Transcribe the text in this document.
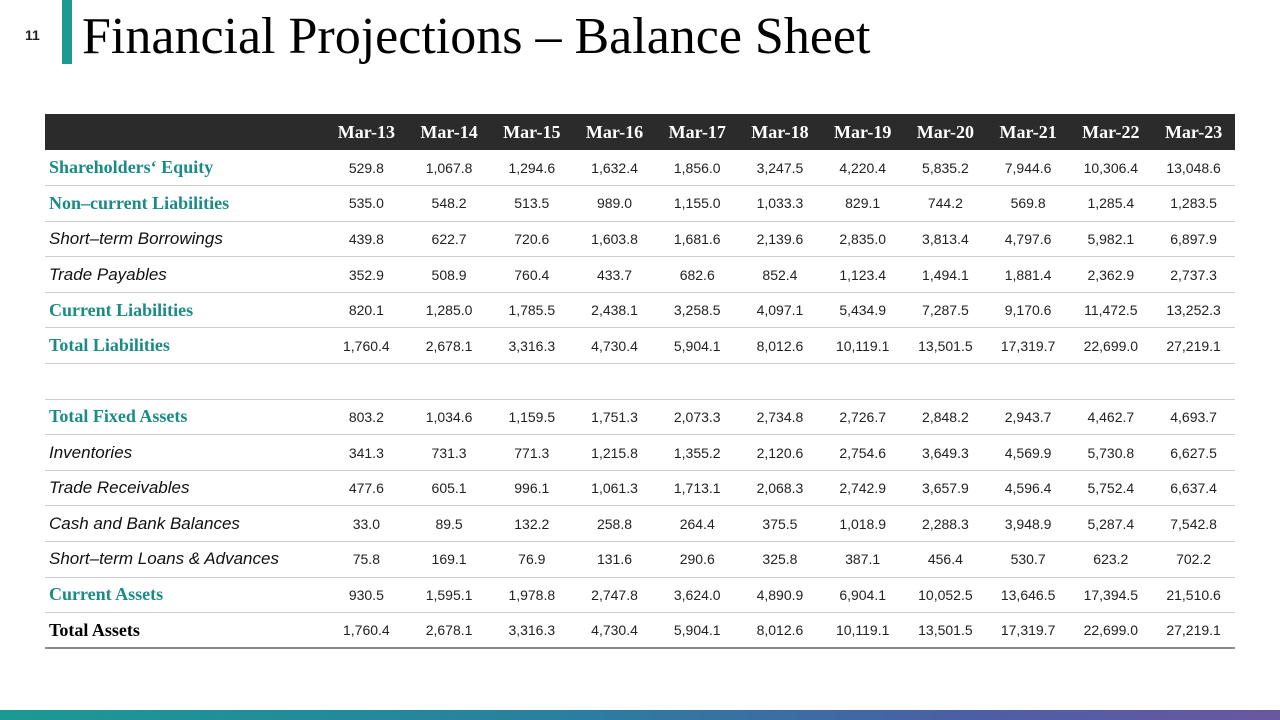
11 Financial Projections – Balance Sheet
	Mar-13	Mar-14	Mar-15	Mar-16	Mar-17	Mar-18	Mar-19	Mar-20	Mar-21	Mar-22	Mar-23
Shareholders‘ Equity	529.8	1,067.8	1,294.6	1,632.4	1,856.0	3,247.5	4,220.4	5,835.2	7,944.6	10,306.4	13,048.6
Non–current Liabilities	535.0	548.2	513.5	989.0	1,155.0	1,033.3	829.1	744.2	569.8	1,285.4	1,283.5
Short–term Borrowings	439.8	622.7	720.6	1,603.8	1,681.6	2,139.6	2,835.0	3,813.4	4,797.6	5,982.1	6,897.9
Trade Payables	352.9	508.9	760.4	433.7	682.6	852.4	1,123.4	1,494.1	1,881.4	2,362.9	2,737.3
Current Liabilities	820.1	1,285.0	1,785.5	2,438.1	3,258.5	4,097.1	5,434.9	7,287.5	9,170.6	11,472.5	13,252.3
Total Liabilities	1,760.4	2,678.1	3,316.3	4,730.4	5,904.1	8,012.6	10,119.1	13,501.5	17,319.7	22,699.0	27,219.1

Total Fixed Assets	803.2	1,034.6	1,159.5	1,751.3	2,073.3	2,734.8	2,726.7	2,848.2	2,943.7	4,462.7	4,693.7
Inventories	341.3	731.3	771.3	1,215.8	1,355.2	2,120.6	2,754.6	3,649.3	4,569.9	5,730.8	6,627.5
Trade Receivables	477.6	605.1	996.1	1,061.3	1,713.1	2,068.3	2,742.9	3,657.9	4,596.4	5,752.4	6,637.4
Cash and Bank Balances	33.0	89.5	132.2	258.8	264.4	375.5	1,018.9	2,288.3	3,948.9	5,287.4	7,542.8
Short–term Loans & Advances	75.8	169.1	76.9	131.6	290.6	325.8	387.1	456.4	530.7	623.2	702.2
Current Assets	930.5	1,595.1	1,978.8	2,747.8	3,624.0	4,890.9	6,904.1	10,052.5	13,646.5	17,394.5	21,510.6
Total Assets	1,760.4	2,678.1	3,316.3	4,730.4	5,904.1	8,012.6	10,119.1	13,501.5	17,319.7	22,699.0	27,219.1
